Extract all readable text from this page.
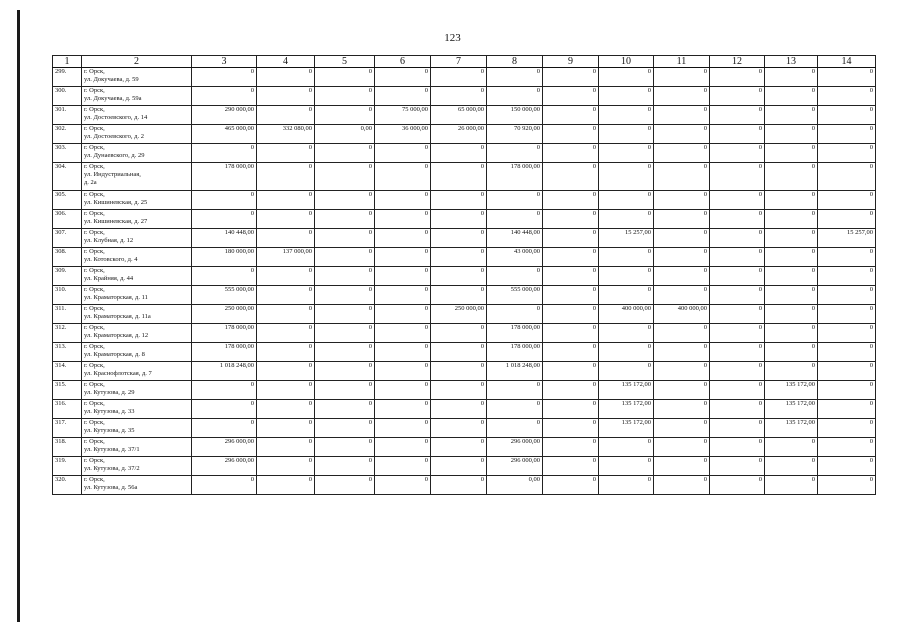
123
1	2	3	4	5	6	7	8	9	10	11	12	13	14
299.	г. Орск,
ул. Докучаева, д. 59	0	0	0	0	0	0	0	0	0	0	0	0
300.	г. Орск,
ул. Докучаева, д. 59а	0	0	0	0	0	0	0	0	0	0	0	0
301.	г. Орск,
ул. Достоевского, д. 14	290 000,00	0	0	75 000,00	65 000,00	150 000,00	0	0	0	0	0	0
302.	г. Орск,
ул. Достоевского, д. 2	465 000,00	332 080,00	0,00	36 000,00	26 000,00	70 920,00	0	0	0	0	0	0
303.	г. Орск,
ул. Дунаевского, д. 29	0	0	0	0	0	0	0	0	0	0	0	0
304.	г. Орск,
ул. Индустриальная,
д. 2а	178 000,00	0	0	0	0	178 000,00	0	0	0	0	0	0
305.	г. Орск,
ул. Кишиневская, д. 25	0	0	0	0	0	0	0	0	0	0	0	0
306.	г. Орск,
ул. Кишиневская, д. 27	0	0	0	0	0	0	0	0	0	0	0	0
307.	г. Орск,
ул. Клубная, д. 12	140 448,00	0	0	0	0	140 448,00	0	15 257,00	0	0	0	15 257,00
308.	г. Орск,
ул. Котовского, д. 4	180 000,00	137 000,00	0	0	0	43 000,00	0	0	0	0	0	0
309.	г. Орск,
ул. Крайняя, д. 44	0	0	0	0	0	0	0	0	0	0	0	0
310.	г. Орск,
ул. Краматорская, д. 11	555 000,00	0	0	0	0	555 000,00	0	0	0	0	0	0
311.	г. Орск,
ул. Краматорская, д. 11а	250 000,00	0	0	0	250 000,00	0	0	400 000,00	400 000,00	0	0	0
312.	г. Орск,
ул. Краматорская, д. 12	178 000,00	0	0	0	0	178 000,00	0	0	0	0	0	0
313.	г. Орск,
ул. Краматорская, д. 8	178 000,00	0	0	0	0	178 000,00	0	0	0	0	0	0
314.	г. Орск,
ул. Краснофлотская, д. 7	1 018 248,00	0	0	0	0	1 018 248,00	0	0	0	0	0	0
315.	г. Орск,
ул. Кутузова, д. 29	0	0	0	0	0	0	0	135 172,00	0	0	135 172,00	0
316.	г. Орск,
ул. Кутузова, д. 33	0	0	0	0	0	0	0	135 172,00	0	0	135 172,00	0
317.	г. Орск,
ул. Кутузова, д. 35	0	0	0	0	0	0	0	135 172,00	0	0	135 172,00	0
318.	г. Орск,
ул. Кутузова, д. 37/1	296 000,00	0	0	0	0	296 000,00	0	0	0	0	0	0
319.	г. Орск,
ул. Кутузова, д. 37/2	296 000,00	0	0	0	0	296 000,00	0	0	0	0	0	0
320.	г. Орск,
ул. Кутузова, д. 56а	0	0	0	0	0	0,00	0	0	0	0	0	0
